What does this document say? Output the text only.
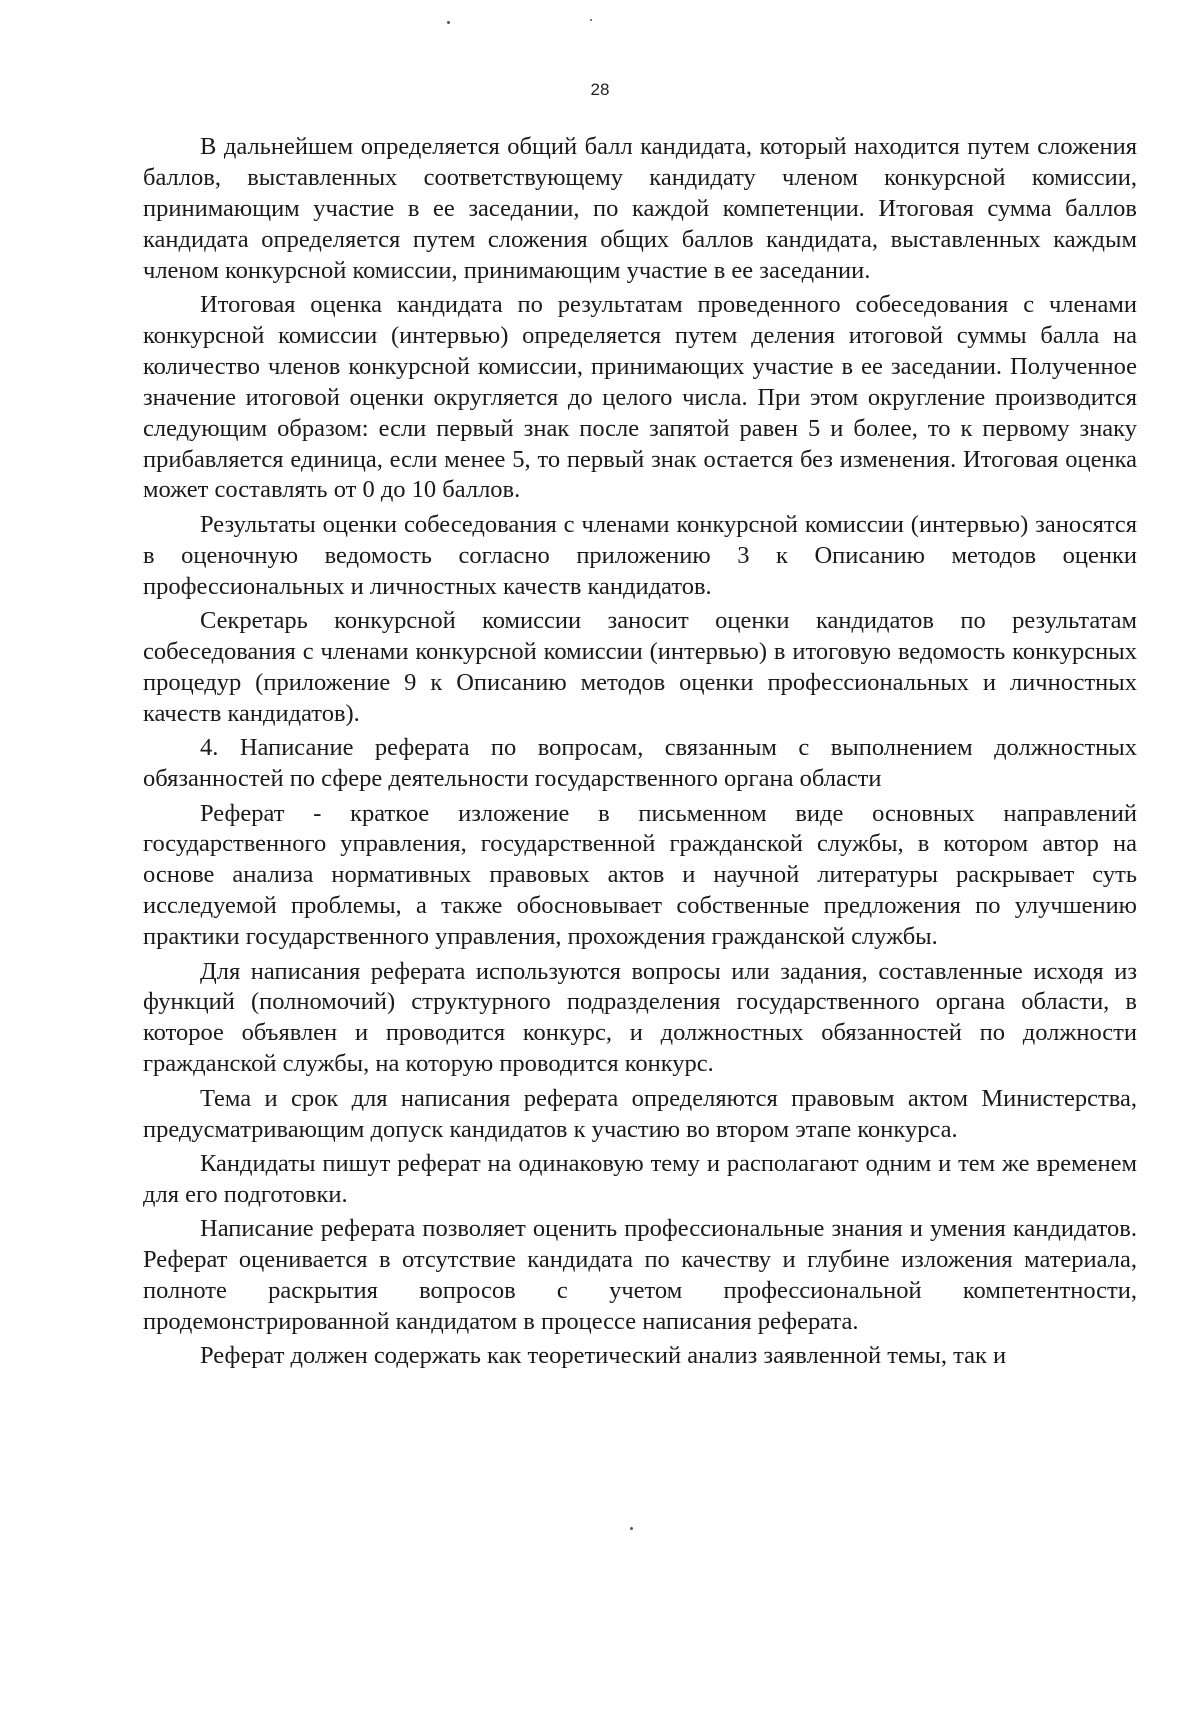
28

В дальнейшем определяется общий балл кандидата, который находится путем сложения баллов, выставленных соответствующему кандидату членом конкурсной комиссии, принимающим участие в ее заседании, по каждой компетенции. Итоговая сумма баллов кандидата определяется путем сложения общих баллов кандидата, выставленных каждым членом конкурсной комиссии, принимающим участие в ее заседании.

Итоговая оценка кандидата по результатам проведенного собеседования с членами конкурсной комиссии (интервью) определяется путем деления итоговой суммы балла на количество членов конкурсной комиссии, принимающих участие в ее заседании. Полученное значение итоговой оценки округляется до целого числа. При этом округление производится следующим образом: если первый знак после запятой равен 5 и более, то к первому знаку прибавляется единица, если менее 5, то первый знак остается без изменения. Итоговая оценка может составлять от 0 до 10 баллов.

Результаты оценки собеседования с членами конкурсной комиссии (интервью) заносятся в оценочную ведомость согласно приложению 3 к Описанию методов оценки профессиональных и личностных качеств кандидатов.

Секретарь конкурсной комиссии заносит оценки кандидатов по результатам собеседования с членами конкурсной комиссии (интервью) в итоговую ведомость конкурсных процедур (приложение 9 к Описанию методов оценки профессиональных и личностных качеств кандидатов).

4. Написание реферата по вопросам, связанным с выполнением должностных обязанностей по сфере деятельности государственного органа области

Реферат - краткое изложение в письменном виде основных направлений государственного управления, государственной гражданской службы, в котором автор на основе анализа нормативных правовых актов и научной литературы раскрывает суть исследуемой проблемы, а также обосновывает собственные предложения по улучшению практики государственного управления, прохождения гражданской службы.

Для написания реферата используются вопросы или задания, составленные исходя из функций (полномочий) структурного подразделения государственного органа области, в которое объявлен и проводится конкурс, и должностных обязанностей по должности гражданской службы, на которую проводится конкурс.

Тема и срок для написания реферата определяются правовым актом Министерства, предусматривающим допуск кандидатов к участию во втором этапе конкурса.

Кандидаты пишут реферат на одинаковую тему и располагают одним и тем же временем для его подготовки.

Написание реферата позволяет оценить профессиональные знания и умения кандидатов. Реферат оценивается в отсутствие кандидата по качеству и глубине изложения материала, полноте раскрытия вопросов с учетом профессиональной компетентности, продемонстрированной кандидатом в процессе написания реферата.

Реферат должен содержать как теоретический анализ заявленной темы, так и
